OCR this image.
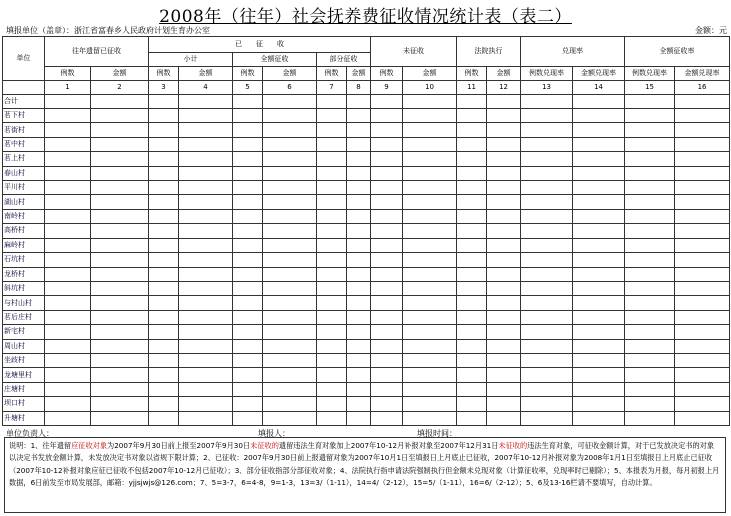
2008年（往年）社会抚养费征收情况统计表（表二）
填报单位（盖章）：浙江省富春乡人民政府计划生育办公室	金额：元
单位	往年遗留已征收		已　　征　　收						未征收		法院执行		兑现率		全额征收率	
			小计		全额征收		部分征收									
	例数	金额	例数	金额	例数	金额	例数	金额	例数	金额	例数	金额	例数兑现率	金额兑现率	例数兑现率	金额兑现率
	1	2	3	4	5	6	7	8	9	10	11	12	13	14	15	16
合计																
茗下村																
茗街村																
茗中村																
茗上村																
春山村																
平川村																
湖山村																
南岭村																
高桥村																
麻岭村																
石坑村																
龙桥村																
斜坑村																
与村山村																
茗后庄村																
新宅村																
周山村																
坐歧村																
龙塘里村																
庄塘村																
坝口村																
升塘村																
单位负责人：	填报人：	填报时间：
说明：1、往年遗留应征收对象为2007年9月30日前上报至2007年9月30日未征收的遗留违法生育对象加上2007年10-12月补报对象至2007年12月31日未征收的违法生育对象，可征收金额计算，对于已发放决定书的对象以决定书发放金额计算，未发放决定书对象以省规下限计算；2、已征收：2007年9月30日前上报遗留对象为2007年10月1日至填报日上月底止已征收，2007年10-12月补报对象为2008年1月1日至填报日上月底止已征收（2007年10-12补报对象应征已征收不包括2007年10-12月已征收）；3、部分征收指部分部征收对象；4、法院执行指申请法院强制执行但金额未兑现对象（计算征收率，兑现率时已剔除）；5、本报表为月报，每月初报上月数据，6日前发至市局发展部，邮箱：yjjsjwjs@126.com；7、5=3-7，6=4-8，9=1-3，13=3/（1-11），14=4/（2-12），15=5/（1-11），16=6/（2-12）；5、6及13-16栏请不要填写，自动计算。
